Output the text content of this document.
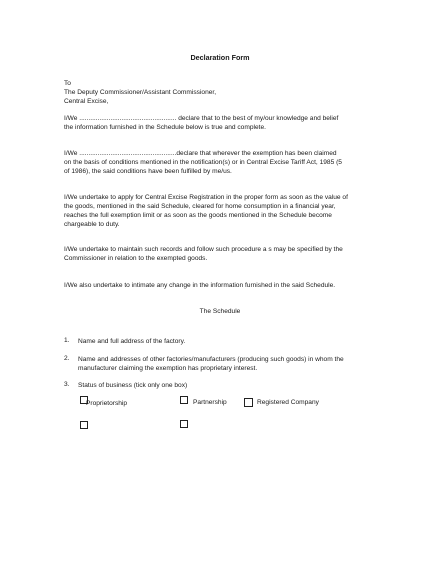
Declaration Form
To
The Deputy Commissioner/Assistant Commissioner,
Central Excise,
I/We ..................................................... declare that to the best of my/our knowledge and belief
the information furnished in the Schedule below is true and complete.
I/We .....................................................declare that wherever the exemption has been claimed
on the basis of conditions mentioned in the notification(s) or in Central Excise Tariff Act, 1985 (5
of 1986), the said conditions have been fulfilled by me/us.
I/We undertake to apply for Central Excise Registration in the proper form as soon as the value of
the goods, mentioned in the said Schedule, cleared for home consumption in a financial year,
reaches the full exemption limit or as soon as the goods mentioned in the Schedule become
chargeable to duty.
I/We undertake to maintain such records and follow such procedure a s may be specified by the
Commissioner in relation to the exempted goods.
I/We also undertake to intimate any change in the information furnished in the said Schedule.
The Schedule
1. Name and full address of the factory.
2. Name and addresses of other factories/manufacturers (producing such goods) in whom the
manufacturer claiming the exemption has proprietary interest.
3. Status of business (tick only one box)
Proprietorship	Partnership	Registered Company
